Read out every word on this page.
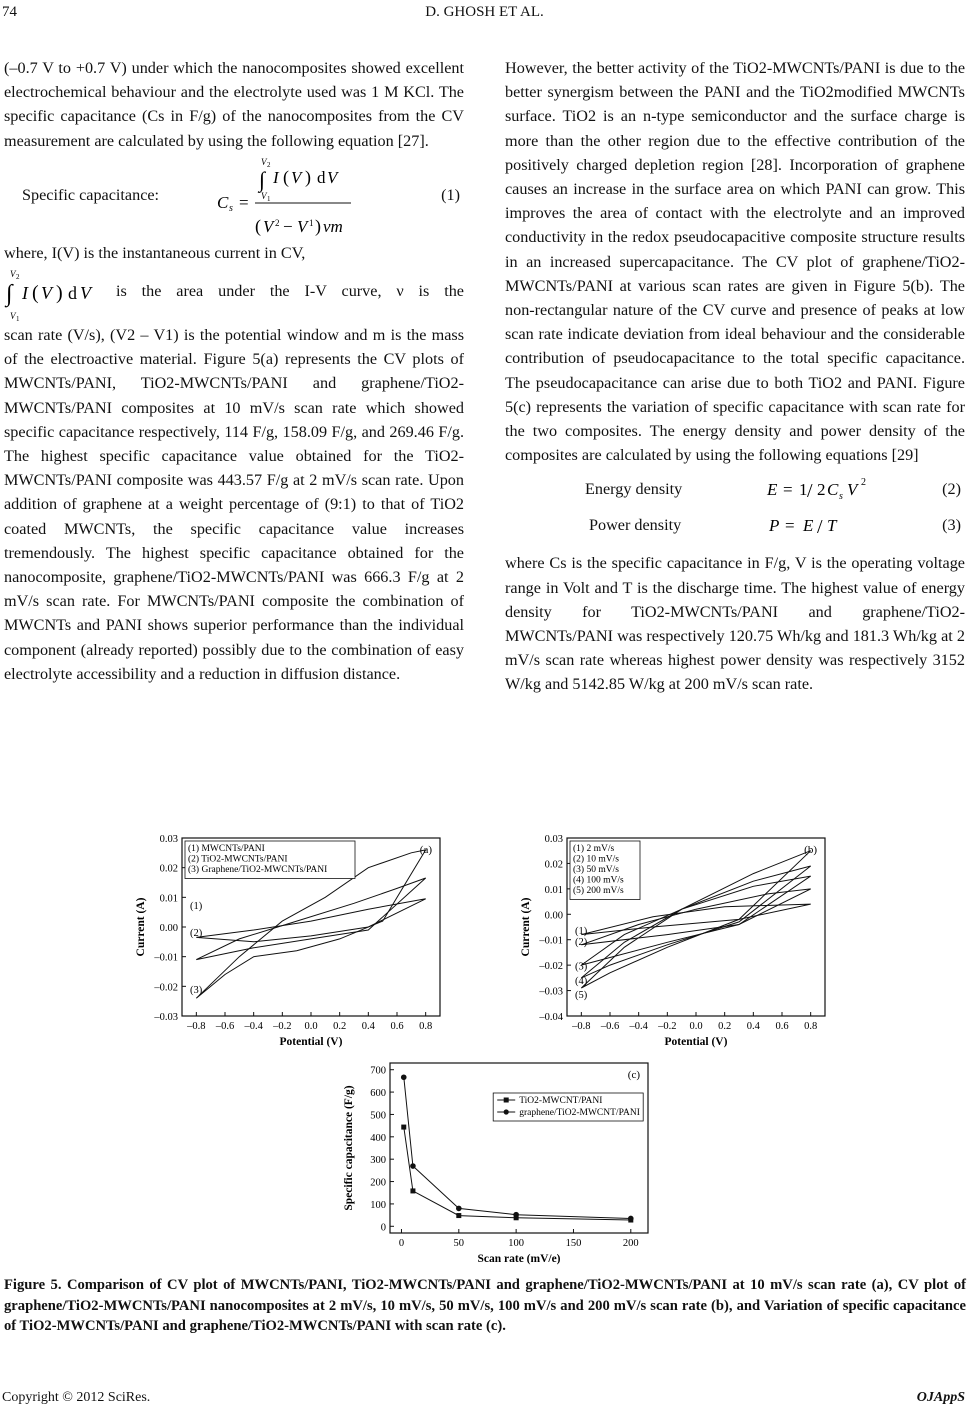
74	D. GHOSH ET AL.

(–0.7 V to +0.7 V) under which the nanocomposites showed excellent electrochemical behaviour and the electrolyte used was 1 M KCl. The specific capacitance (Cs in F/g) of the nanocomposites from the CV measurement are calculated by using the following equation [27].

Specific capacitance:
V 2
∫
V 1
I ( V ) d V
C s =
( V 2 − V 1 ) νm
(1)

where, I(V) is the instantaneous current in CV,

V 2
∫
V 1
I ( V ) d V is the area under the I-V curve, ν is the

scan rate (V/s), (V2 – V1) is the potential window and m is the mass of the electroactive material. Figure 5(a) represents the CV plots of MWCNTs/PANI, TiO2-MWCNTs/PANI and graphene/TiO2-MWCNTs/PANI composites at 10 mV/s scan rate which showed specific capacitance respectively, 114 F/g, 158.09 F/g, and 269.46 F/g. The highest specific capacitance value obtained for the TiO2-MWCNTs/PANI composite was 443.57 F/g at 2 mV/s scan rate. Upon addition of graphene at a weight percentage of (9:1) to that of TiO2 coated MWCNTs, the specific capacitance value increases tremendously. The highest specific capacitance obtained for the nanocomposite, graphene/TiO2-MWCNTs/PANI was 666.3 F/g at 2 mV/s scan rate. For MWCNTs/PANI composite the combination of MWCNTs and PANI shows superior performance than the individual component (already reported) possibly due to the combination of easy electrolyte accessibility and a reduction in diffusion distance.

However, the better activity of the TiO2-MWCNTs/PANI is due to the better synergism between the PANI and the TiO2modified MWCNTs surface. TiO2 is an n-type semiconductor and the surface charge is more than the other region due to the effective contribution of the positively charged depletion region [28]. Incorporation of graphene causes an increase in the surface area on which PANI can grow. This improves the area of contact with the electrolyte and an improved conductivity in the redox pseudocapacitive composite structure results in an increased supercapacitance. The CV plot of graphene/TiO2-MWCNTs/PANI at various scan rates are given in Figure 5(b). The non-rectangular nature of the CV curve and presence of peaks at low scan rate indicate deviation from ideal behaviour and the considerable contribution of pseudocapacitance to the total specific capacitance. The pseudocapacitance can arise due to both TiO2 and PANI. Figure 5(c) represents the variation of specific capacitance with scan rate for the two composites. The energy density and power density of the composites are calculated by using the following equations [29]

Energy density	E = 1 / 2 C s V 2	(2)
Power density	P = E / T	(3)

where Cs is the specific capacitance in F/g, V is the operating voltage range in Volt and T is the discharge time. The highest value of energy density for TiO2-MWCNTs/PANI and graphene/TiO2-MWCNTs/PANI was respectively 120.75 Wh/kg and 181.3 Wh/kg at 2 mV/s scan rate whereas highest power density was respectively 3152 W/kg and 5142.85 W/kg at 200 mV/s scan rate.

–0.8 –0.6 –0.4 –0.2 0.0 0.2 0.4 0.6 0.8
0.03
0.02
0.01
0.00
–0.01
–0.02
–0.03
Potential (V)
Current (A)
(a)
(1) MWCNTs/PANI
(2) TiO2-MWCNTs/PANI
(3) Graphene/TiO2-MWCNTs/PANI
(1)
(2)
(3)
–0.8 –0.6 –0.4 –0.2 0.0 0.2 0.4 0.6 0.8
0.03
0.02
0.01
0.00
–0.01
–0.02
–0.03
–0.04
Potential (V)
Current (A)
(b)
(1) 2 mV/s
(2) 10 mV/s
(3) 50 mV/s
(4) 100 mV/s
(5) 200 mV/s
(1)
(2)
(3)
(4)
(5)
0	50	100	150	200
700
600
500
400
300
200
100
0
Scan rate (mV/e)
Specific capacitance (F/g)
(c)
TiO2-MWCNT/PANI
graphene/TiO2-MWCNT/PANI
Figure 5. Comparison of CV plot of MWCNTs/PANI, TiO2-MWCNTs/PANI and graphene/TiO2-MWCNTs/PANI at 10 mV/s scan rate (a), CV plot of graphene/TiO2-MWCNTs/PANI nanocomposites at 2 mV/s, 10 mV/s, 50 mV/s, 100 mV/s and 200 mV/s scan rate (b), and Variation of specific capacitance of TiO2-MWCNTs/PANI and graphene/TiO2-MWCNTs/PANI with scan rate (c).
Copyright © 2012 SciRes.	OJAppS
